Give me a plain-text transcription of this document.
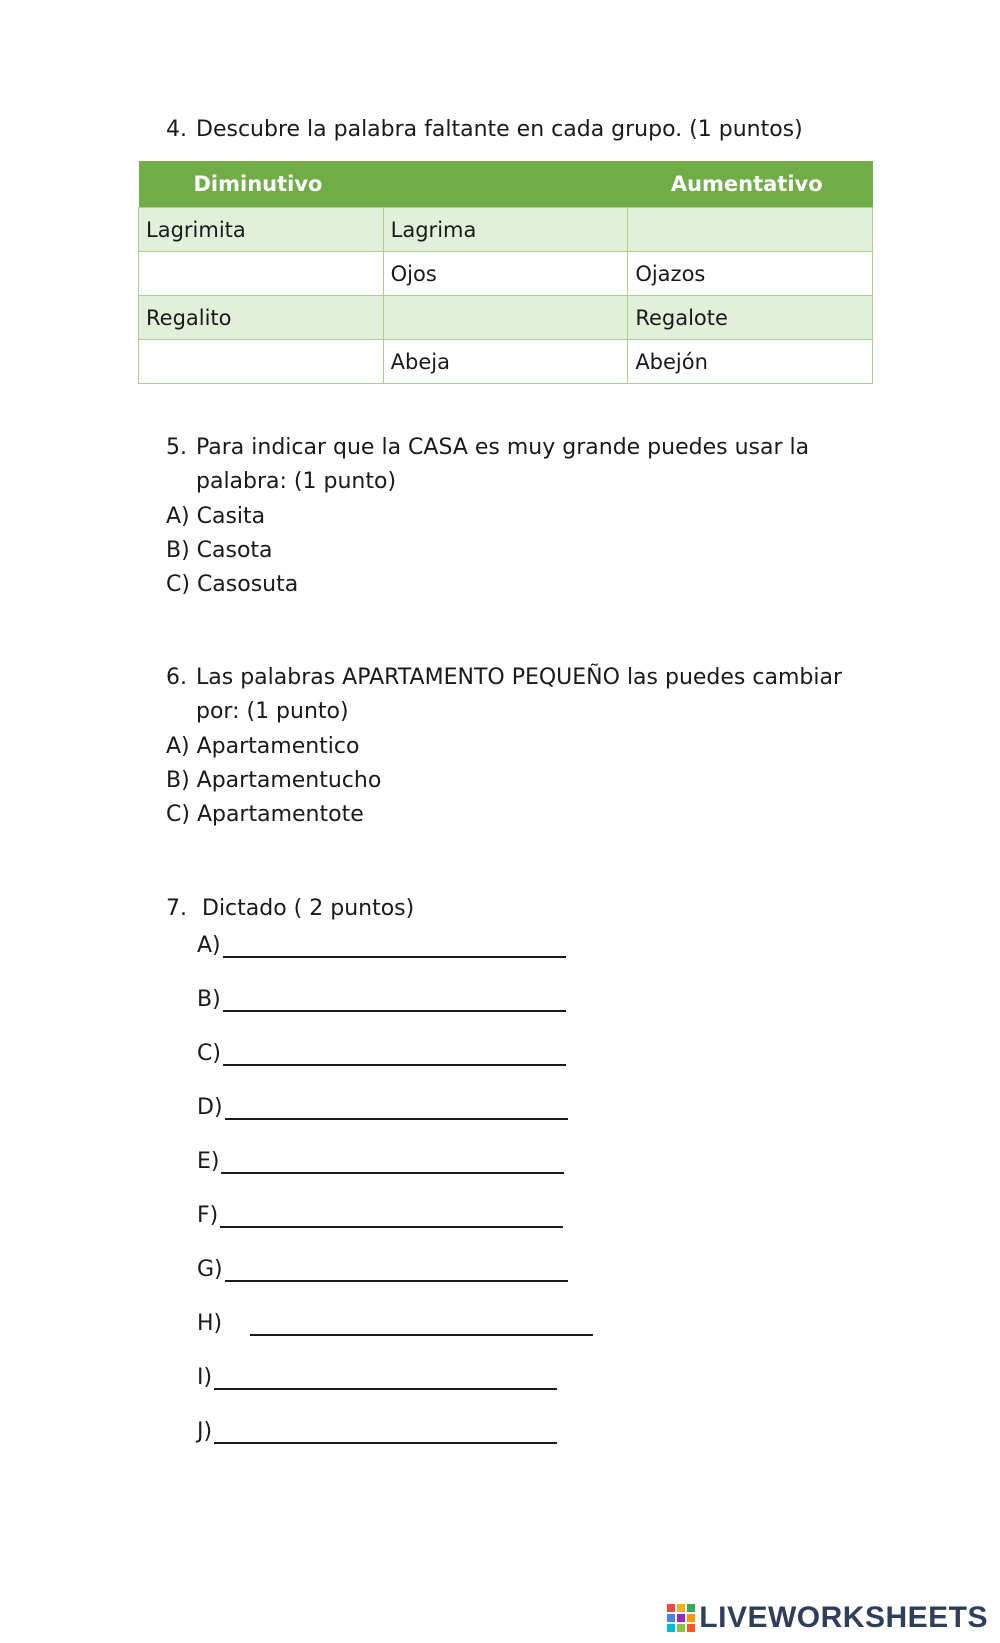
4. Descubre la palabra faltante en cada grupo. (1 puntos)
Diminutivo		Aumentativo
Lagrimita	Lagrima	
	Ojos	Ojazos
Regalito		Regalote
	Abeja	Abejón
5. Para indicar que la CASA es muy grande puedes usar la
palabra: (1 punto)
A) Casita
B) Casota
C) Casosuta
6. Las palabras APARTAMENTO PEQUEÑO las puedes cambiar
por: (1 punto)
A) Apartamentico
B) Apartamentucho
C) Apartamentote
7. Dictado ( 2 puntos)
A)
B)
C)
D)
E)
F)
G)
H)
I)
J)
LIVEWORKSHEETS
